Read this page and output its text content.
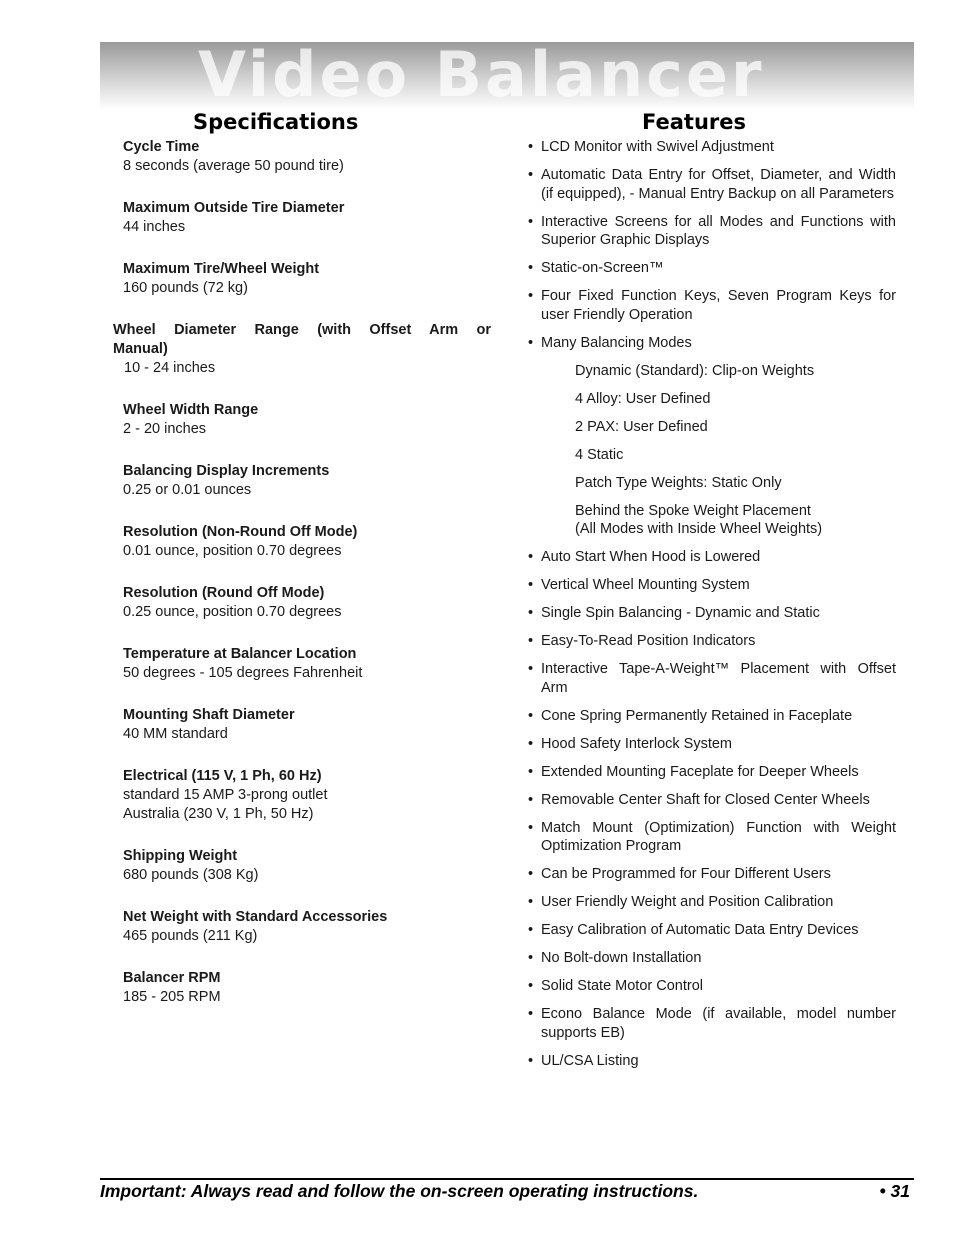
Video Balancer
Specifications	Features
Cycle Time
8 seconds (average 50 pound tire)
Maximum Outside Tire Diameter
44 inches
Maximum Tire/Wheel Weight
160 pounds (72 kg)
Wheel Diameter Range (with Offset Arm or Manual)
10 - 24 inches
Wheel Width Range
2 - 20 inches
Balancing Display Increments
0.25 or 0.01 ounces
Resolution (Non-Round Off Mode)
0.01 ounce, position 0.70 degrees
Resolution (Round Off Mode)
0.25 ounce, position 0.70 degrees
Temperature at Balancer Location
50 degrees - 105 degrees Fahrenheit
Mounting Shaft Diameter
40 MM standard
Electrical (115 V, 1 Ph, 60 Hz)
standard 15 AMP 3-prong outlet
Australia (230 V, 1 Ph, 50 Hz)
Shipping Weight
680 pounds (308 Kg)
Net Weight with Standard Accessories
465 pounds (211 Kg)
Balancer RPM
185 - 205 RPM
• LCD Monitor with Swivel Adjustment
• Automatic Data Entry for Offset, Diameter, and Width (if equipped), - Manual Entry Backup on all Parameters
• Interactive Screens for all Modes and Functions with Superior Graphic Displays
• Static-on-Screen™
• Four Fixed Function Keys, Seven Program Keys for user Friendly Operation
• Many Balancing Modes
Dynamic (Standard): Clip-on Weights
4 Alloy: User Defined
2 PAX: User Defined
4 Static
Patch Type Weights: Static Only
Behind the Spoke Weight Placement
(All Modes with Inside Wheel Weights)
• Auto Start When Hood is Lowered
• Vertical Wheel Mounting System
• Single Spin Balancing - Dynamic and Static
• Easy-To-Read Position Indicators
• Interactive Tape-A-Weight™ Placement with Offset Arm
• Cone Spring Permanently Retained in Faceplate
• Hood Safety Interlock System
• Extended Mounting Faceplate for Deeper Wheels
• Removable Center Shaft for Closed Center Wheels
• Match Mount (Optimization) Function with Weight Optimization Program
• Can be Programmed for Four Different Users
• User Friendly Weight and Position Calibration
• Easy Calibration of Automatic Data Entry Devices
• No Bolt-down Installation
• Solid State Motor Control
• Econo Balance Mode (if available, model number supports EB)
• UL/CSA Listing
Important: Always read and follow the on-screen operating instructions.	• 31
